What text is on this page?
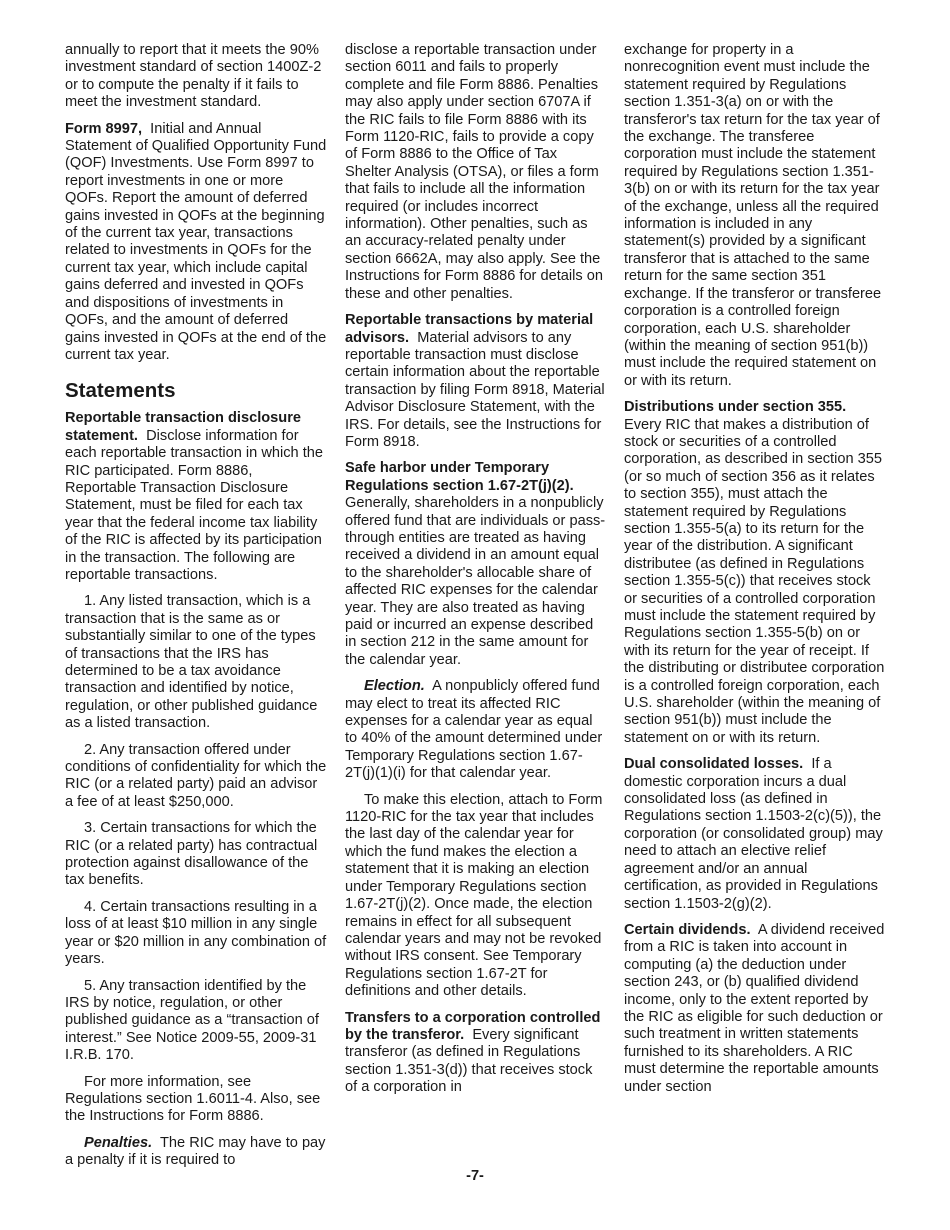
annually to report that it meets the 90% investment standard of section 1400Z-2 or to compute the penalty if it fails to meet the investment standard.

Form 8997, Initial and Annual Statement of Qualified Opportunity Fund (QOF) Investments. Use Form 8997 to report investments in one or more QOFs. Report the amount of deferred gains invested in QOFs at the beginning of the current tax year, transactions related to investments in QOFs for the current tax year, which include capital gains deferred and invested in QOFs and dispositions of investments in QOFs, and the amount of deferred gains invested in QOFs at the end of the current tax year.

Statements

Reportable transaction disclosure statement. Disclose information for each reportable transaction in which the RIC participated. Form 8886, Reportable Transaction Disclosure Statement, must be filed for each tax year that the federal income tax liability of the RIC is affected by its participation in the transaction. The following are reportable transactions.

1. Any listed transaction, which is a transaction that is the same as or substantially similar to one of the types of transactions that the IRS has determined to be a tax avoidance transaction and identified by notice, regulation, or other published guidance as a listed transaction.

2. Any transaction offered under conditions of confidentiality for which the RIC (or a related party) paid an advisor a fee of at least $250,000.

3. Certain transactions for which the RIC (or a related party) has contractual protection against disallowance of the tax benefits.

4. Certain transactions resulting in a loss of at least $10 million in any single year or $20 million in any combination of years.

5. Any transaction identified by the IRS by notice, regulation, or other published guidance as a “transaction of interest.” See Notice 2009-55, 2009-31 I.R.B. 170.

For more information, see Regulations section 1.6011-4. Also, see the Instructions for Form 8886.

Penalties. The RIC may have to pay a penalty if it is required to

disclose a reportable transaction under section 6011 and fails to properly complete and file Form 8886. Penalties may also apply under section 6707A if the RIC fails to file Form 8886 with its Form 1120-RIC, fails to provide a copy of Form 8886 to the Office of Tax Shelter Analysis (OTSA), or files a form that fails to include all the information required (or includes incorrect information). Other penalties, such as an accuracy-related penalty under section 6662A, may also apply. See the Instructions for Form 8886 for details on these and other penalties.

Reportable transactions by material advisors. Material advisors to any reportable transaction must disclose certain information about the reportable transaction by filing Form 8918, Material Advisor Disclosure Statement, with the IRS. For details, see the Instructions for Form 8918.

Safe harbor under Temporary Regulations section 1.67-2T(j)(2). Generally, shareholders in a nonpublicly offered fund that are individuals or pass-through entities are treated as having received a dividend in an amount equal to the shareholder's allocable share of affected RIC expenses for the calendar year. They are also treated as having paid or incurred an expense described in section 212 in the same amount for the calendar year.

Election. A nonpublicly offered fund may elect to treat its affected RIC expenses for a calendar year as equal to 40% of the amount determined under Temporary Regulations section 1.67-2T(j)(1)(i) for that calendar year.

To make this election, attach to Form 1120-RIC for the tax year that includes the last day of the calendar year for which the fund makes the election a statement that it is making an election under Temporary Regulations section 1.67-2T(j)(2). Once made, the election remains in effect for all subsequent calendar years and may not be revoked without IRS consent. See Temporary Regulations section 1.67-2T for definitions and other details.

Transfers to a corporation controlled by the transferor. Every significant transferor (as defined in Regulations section 1.351-3(d)) that receives stock of a corporation in

exchange for property in a nonrecognition event must include the statement required by Regulations section 1.351-3(a) on or with the transferor's tax return for the tax year of the exchange. The transferee corporation must include the statement required by Regulations section 1.351-3(b) on or with its return for the tax year of the exchange, unless all the required information is included in any statement(s) provided by a significant transferor that is attached to the same return for the same section 351 exchange. If the transferor or transferee corporation is a controlled foreign corporation, each U.S. shareholder (within the meaning of section 951(b)) must include the required statement on or with its return.

Distributions under section 355. Every RIC that makes a distribution of stock or securities of a controlled corporation, as described in section 355 (or so much of section 356 as it relates to section 355), must attach the statement required by Regulations section 1.355-5(a) to its return for the year of the distribution. A significant distributee (as defined in Regulations section 1.355-5(c)) that receives stock or securities of a controlled corporation must include the statement required by Regulations section 1.355-5(b) on or with its return for the year of receipt. If the distributing or distributee corporation is a controlled foreign corporation, each U.S. shareholder (within the meaning of section 951(b)) must include the statement on or with its return.

Dual consolidated losses. If a domestic corporation incurs a dual consolidated loss (as defined in Regulations section 1.1503-2(c)(5)), the corporation (or consolidated group) may need to attach an elective relief agreement and/or an annual certification, as provided in Regulations section 1.1503-2(g)(2).

Certain dividends. A dividend received from a RIC is taken into account in computing (a) the deduction under section 243, or (b) qualified dividend income, only to the extent reported by the RIC as eligible for such deduction or such treatment in written statements furnished to its shareholders. A RIC must determine the reportable amounts under section

-7-
